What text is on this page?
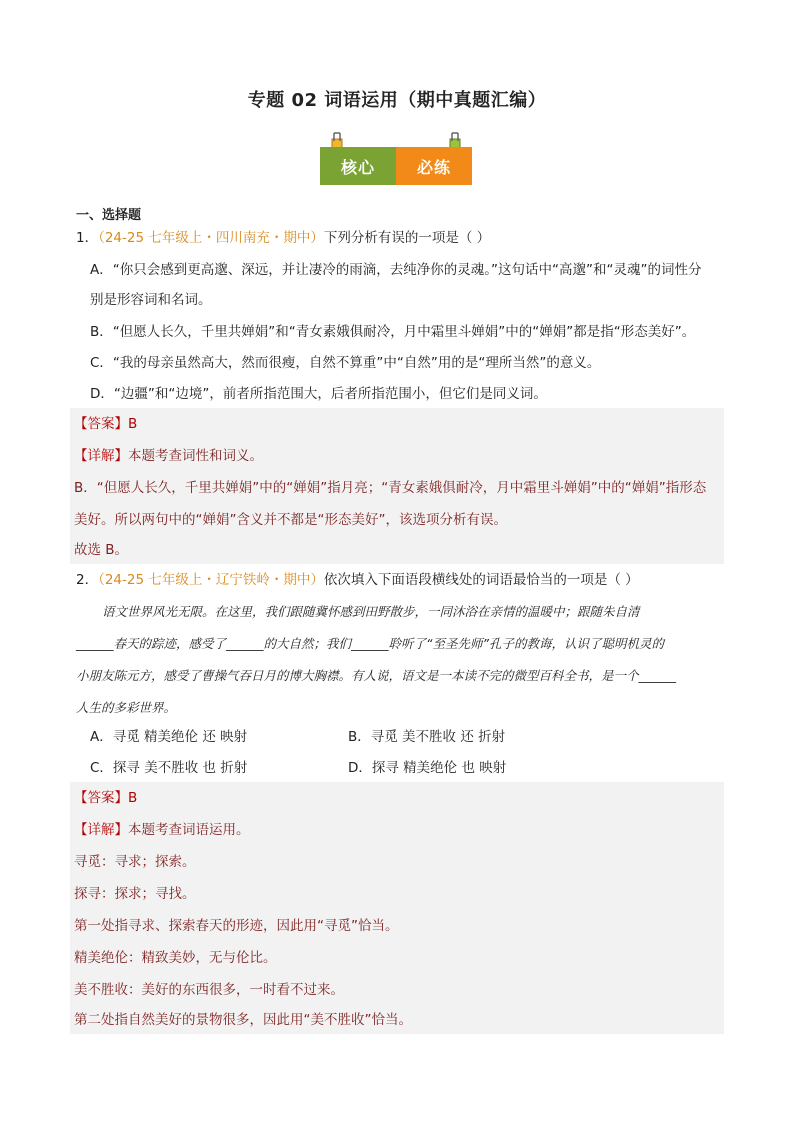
专题 02 词语运用（期中真题汇编）
核心	必练
一、选择题
1．（24-25 七年级上・四川南充・期中）下列分析有误的一项是（ ）
A．“你只会感到更高邈、深远，并让凄冷的雨滴，去纯净你的灵魂。”这句话中“高邈”和“灵魂”的词性分
别是形容词和名词。
B．“但愿人长久，千里共婵娟”和“青女素娥俱耐冷，月中霜里斗婵娟”中的“婵娟”都是指“形态美好”。
C．“我的母亲虽然高大，然而很瘦，自然不算重”中“自然”用的是“理所当然”的意义。
D．“边疆”和“边境”，前者所指范围大，后者所指范围小，但它们是同义词。
【答案】B
【详解】本题考查词性和词义。
B．“但愿人长久，千里共婵娟”中的“婵娟”指月亮；“青女素娥俱耐冷，月中霜里斗婵娟”中的“婵娟”指形态
美好。所以两句中的“婵娟”含义并不都是“形态美好”，该选项分析有误。
故选 B。
2．（24-25 七年级上・辽宁铁岭・期中）依次填入下面语段横线处的词语最恰当的一项是（ ）
语文世界风光无限。在这里，我们跟随冀怀感到田野散步，一同沐浴在亲情的温暖中；跟随朱自清
______春天的踪迹，感受了______的大自然；我们______聆听了“至圣先师”孔子的教诲，认识了聪明机灵的
小朋友陈元方，感受了曹操气吞日月的博大胸襟。有人说，语文是一本读不完的微型百科全书，是一个______
人生的多彩世界。
A．寻觅 精美绝伦 还 映射	B．寻觅 美不胜收 还 折射
C．探寻 美不胜收 也 折射	D．探寻 精美绝伦 也 映射
【答案】B
【详解】本题考查词语运用。
寻觅：寻求；探索。
探寻：探求；寻找。
第一处指寻求、探索春天的形迹，因此用“寻觅”恰当。
精美绝伦：精致美妙，无与伦比。
美不胜收：美好的东西很多，一时看不过来。
第二处指自然美好的景物很多，因此用“美不胜收”恰当。
